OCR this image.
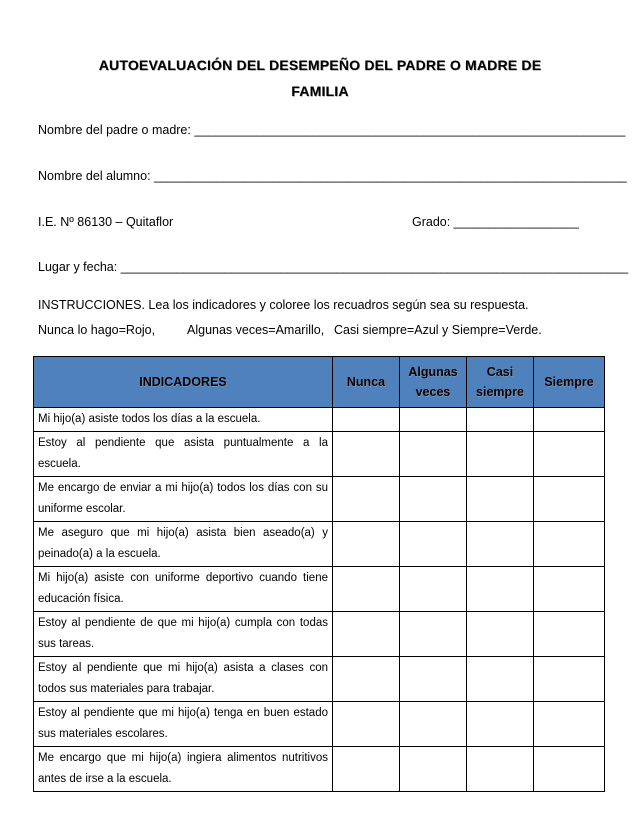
AUTOEVALUACIÓN DEL DESEMPEÑO DEL PADRE O MADRE DE
FAMILIA
Nombre del padre o madre: ______________________________________________________________
Nombre del alumno: ____________________________________________________________________
I.E. Nº 86130 – Quitaflor	Grado: __________________
Lugar y fecha: _________________________________________________________________________
INSTRUCCIONES. Lea los indicadores y coloree los recuadros según sea su respuesta.
Nunca lo hago=Rojo,	Algunas veces=Amarillo, Casi siempre=Azul y Siempre=Verde.
INDICADORES	Nunca	Algunas veces	Casi siempre	Siempre
Mi hijo(a) asiste todos los días a la escuela.				
Estoy al pendiente que asista puntualmente a la escuela.				
Me encargo de enviar a mi hijo(a) todos los días con su uniforme escolar.				
Me aseguro que mi hijo(a) asista bien aseado(a) y peinado(a) a la escuela.				
Mi hijo(a) asiste con uniforme deportivo cuando tiene educación física.				
Estoy al pendiente de que mi hijo(a) cumpla con todas sus tareas.				
Estoy al pendiente que mi hijo(a) asista a clases con todos sus materiales para trabajar.				
Estoy al pendiente que mi hijo(a) tenga en buen estado sus materiales escolares.				
Me encargo que mi hijo(a) ingiera alimentos nutritivos antes de irse a la escuela.				
